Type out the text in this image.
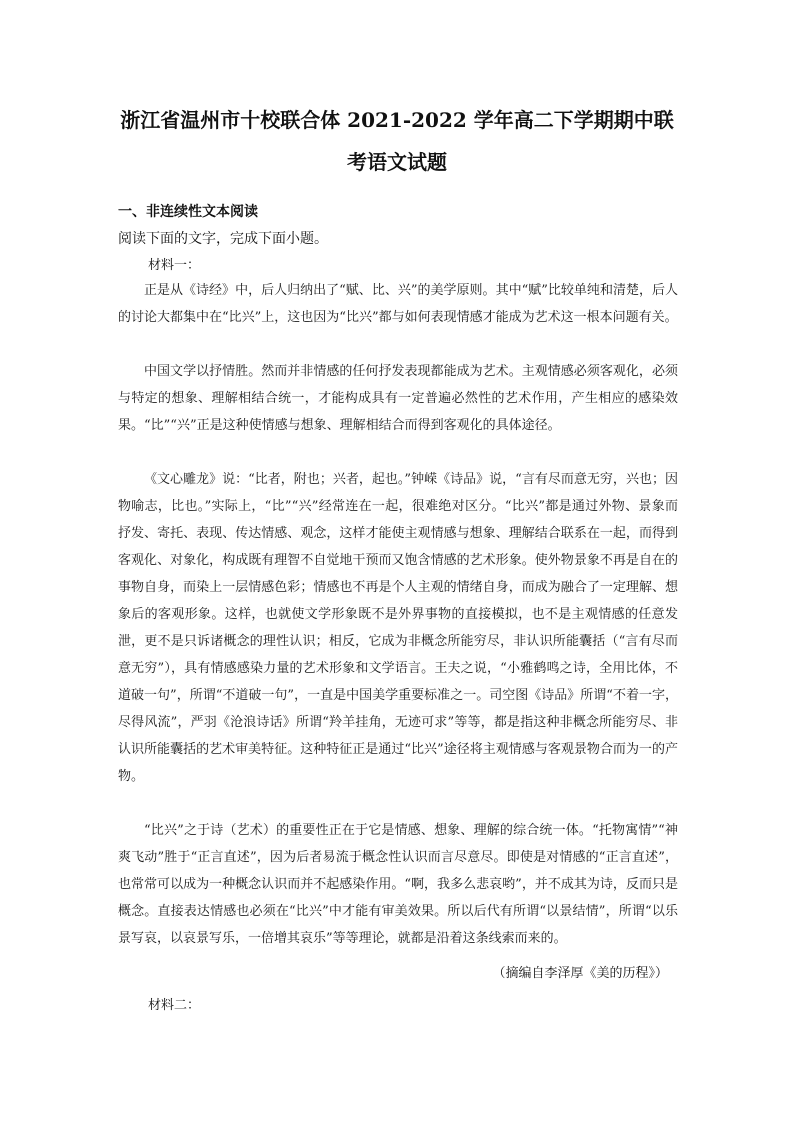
浙江省温州市十校联合体 2021-2022 学年高二下学期期中联
考语文试题
一、非连续性文本阅读
阅读下面的文字，完成下面小题。
材料一：

正是从《诗经》中，后人归纳出了“赋、比、兴”的美学原则。其中“赋”比较单纯和清楚，后人的讨论大都集中在“比兴”上，这也因为“比兴”都与如何表现情感才能成为艺术这一根本问题有关。

中国文学以抒情胜。然而并非情感的任何抒发表现都能成为艺术。主观情感必须客观化，必须与特定的想象、理解相结合统一，才能构成具有一定普遍必然性的艺术作用，产生相应的感染效果。“比”“兴”正是这种使情感与想象、理解相结合而得到客观化的具体途径。

《文心雕龙》说：“比者，附也；兴者，起也。”钟嵘《诗品》说，“言有尽而意无穷，兴也；因物喻志，比也。”实际上，“比”“兴”经常连在一起，很难绝对区分。“比兴”都是通过外物、景象而抒发、寄托、表现、传达情感、观念，这样才能使主观情感与想象、理解结合联系在一起，而得到客观化、对象化，构成既有理智不自觉地干预而又饱含情感的艺术形象。使外物景象不再是自在的事物自身，而染上一层情感色彩；情感也不再是个人主观的情绪自身，而成为融合了一定理解、想象后的客观形象。这样，也就使文学形象既不是外界事物的直接模拟，也不是主观情感的任意发泄，更不是只诉诸概念的理性认识；相反，它成为非概念所能穷尽，非认识所能囊括（“言有尽而意无穷”），具有情感感染力量的艺术形象和文学语言。王夫之说，“小雅鹤鸣之诗，全用比体，不道破一句”，所谓“不道破一句”，一直是中国美学重要标准之一。司空图《诗品》所谓“不着一字，尽得风流”，严羽《沧浪诗话》所谓“羚羊挂角，无迹可求”等等，都是指这种非概念所能穷尽、非认识所能囊括的艺术审美特征。这种特征正是通过“比兴”途径将主观情感与客观景物合而为一的产物。

“比兴”之于诗（艺术）的重要性正在于它是情感、想象、理解的综合统一体。“托物寓情”“神爽飞动”胜于“正言直述”，因为后者易流于概念性认识而言尽意尽。即使是对情感的“正言直述”，也常常可以成为一种概念认识而并不起感染作用。“啊，我多么悲哀哟”，并不成其为诗，反而只是概念。直接表达情感也必须在“比兴”中才能有审美效果。所以后代有所谓“以景结情”，所谓“以乐景写哀，以哀景写乐，一倍增其哀乐”等等理论，就都是沿着这条线索而来的。

（摘编自李泽厚《美的历程》）
材料二：
